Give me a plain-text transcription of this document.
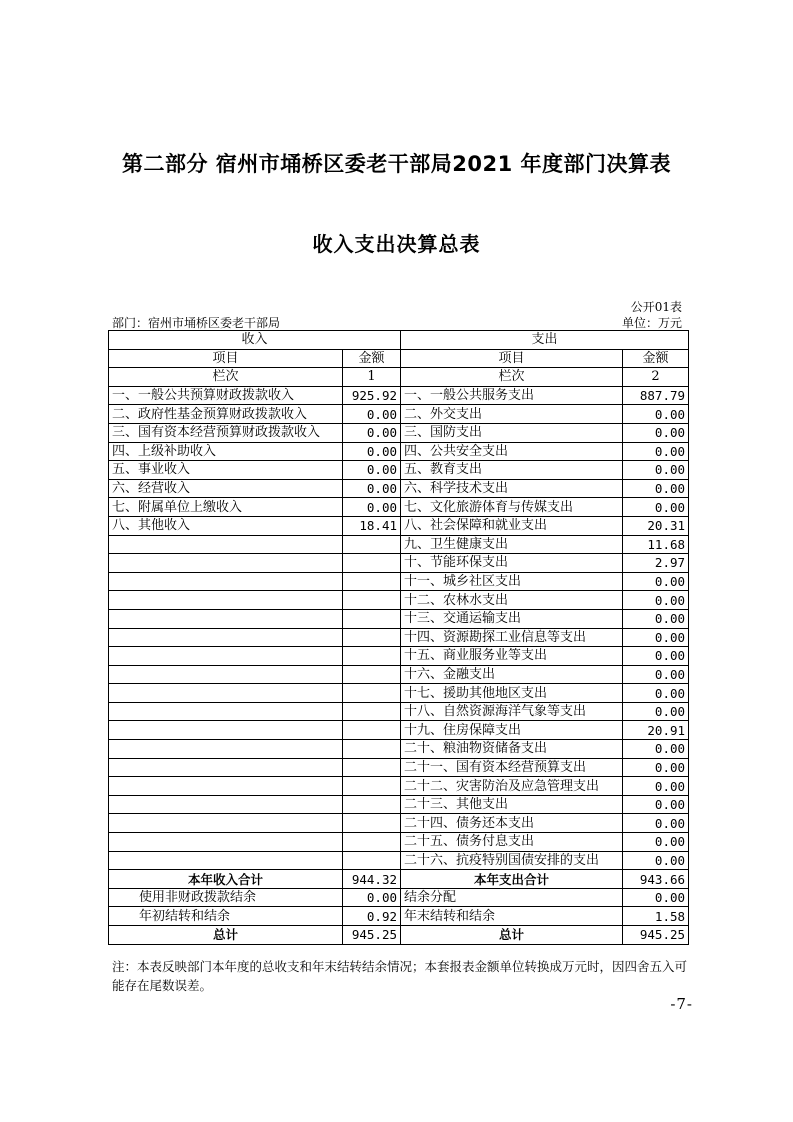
第二部分 宿州市埇桥区委老干部局2021 年度部门决算表
收入支出决算总表
公开01表
部门：宿州市埇桥区委老干部局	单位：万元
收入		支出	
项目	金额	项目	金额
栏次	1	栏次	2
一、一般公共预算财政拨款收入	925.92	一、一般公共服务支出	887.79
二、政府性基金预算财政拨款收入	0.00	二、外交支出	0.00
三、国有资本经营预算财政拨款收入	0.00	三、国防支出	0.00
四、上级补助收入	0.00	四、公共安全支出	0.00
五、事业收入	0.00	五、教育支出	0.00
六、经营收入	0.00	六、科学技术支出	0.00
七、附属单位上缴收入	0.00	七、文化旅游体育与传媒支出	0.00
八、其他收入	18.41	八、社会保障和就业支出	20.31
		九、卫生健康支出	11.68
		十、节能环保支出	2.97
		十一、城乡社区支出	0.00
		十二、农林水支出	0.00
		十三、交通运输支出	0.00
		十四、资源勘探工业信息等支出	0.00
		十五、商业服务业等支出	0.00
		十六、金融支出	0.00
		十七、援助其他地区支出	0.00
		十八、自然资源海洋气象等支出	0.00
		十九、住房保障支出	20.91
		二十、粮油物资储备支出	0.00
		二十一、国有资本经营预算支出	0.00
		二十二、灾害防治及应急管理支出	0.00
		二十三、其他支出	0.00
		二十四、债务还本支出	0.00
		二十五、债务付息支出	0.00
		二十六、抗疫特别国债安排的支出	0.00
本年收入合计	944.32	本年支出合计	943.66
使用非财政拨款结余	0.00	结余分配	0.00
年初结转和结余	0.92	年末结转和结余	1.58
总计	945.25	总计	945.25
注：本表反映部门本年度的总收支和年末结转结余情况；本套报表金额单位转换成万元时，因四舍五入可能存在尾数误差。
-7-
